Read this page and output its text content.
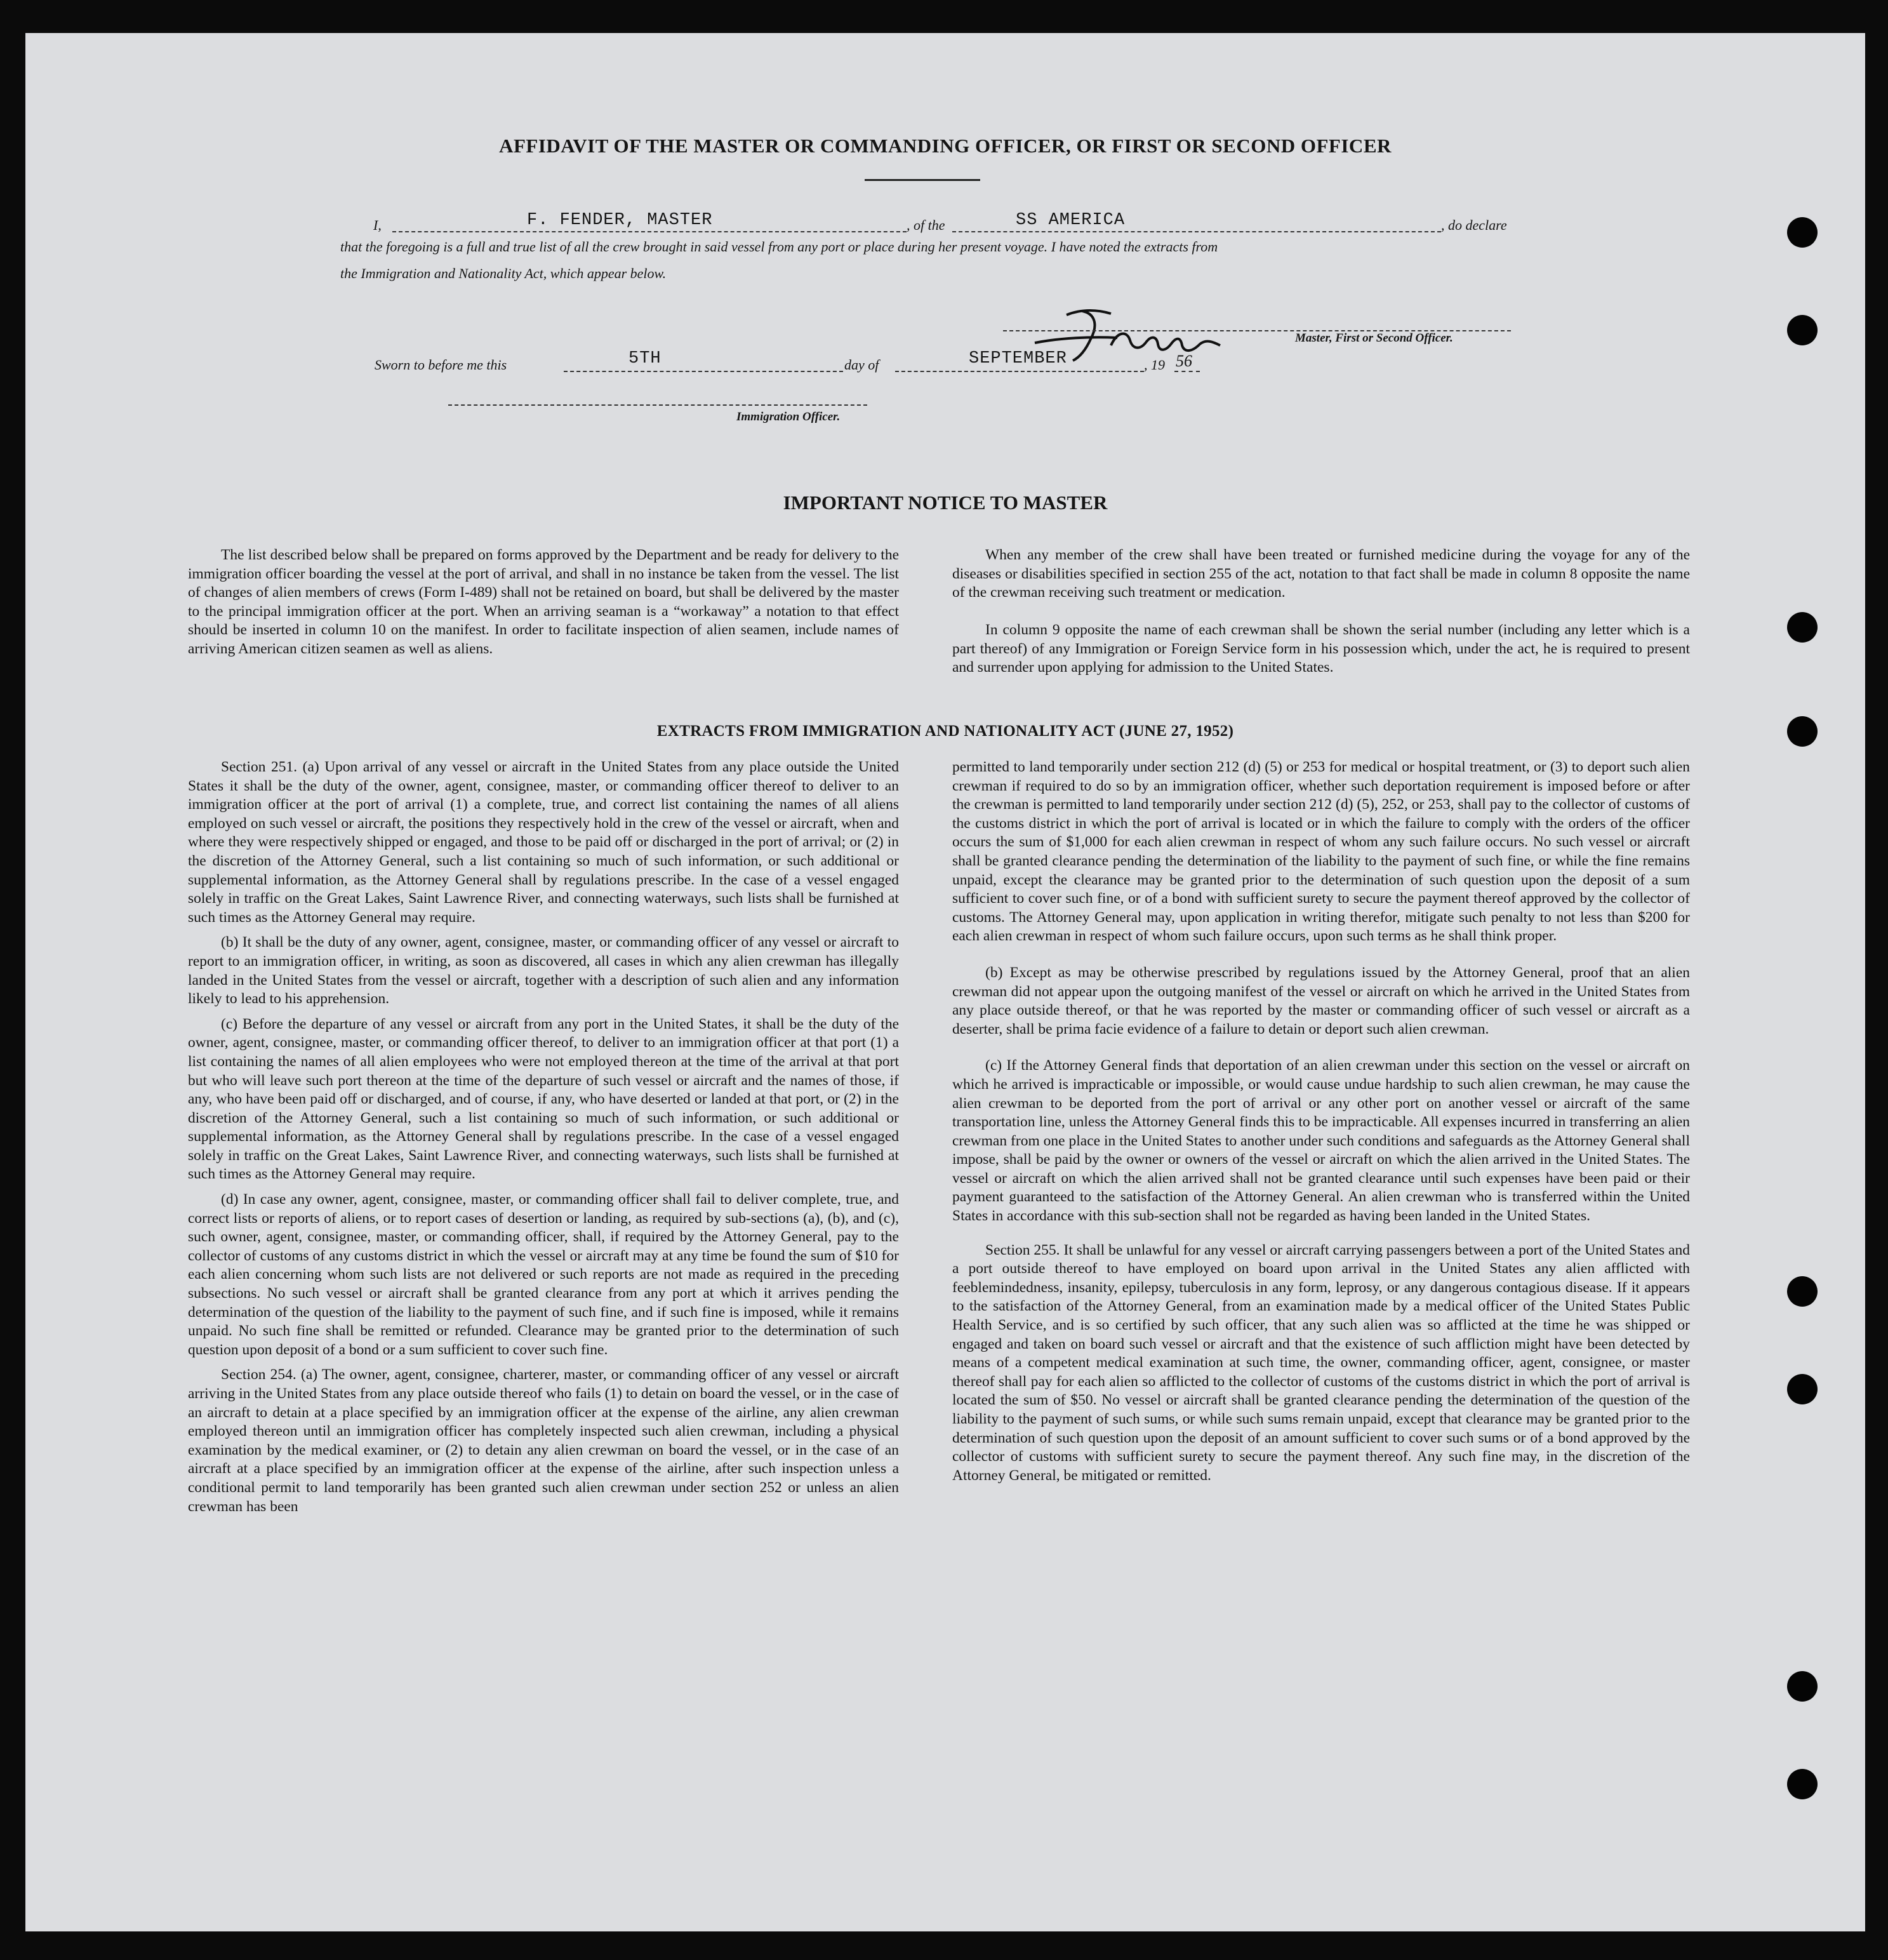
AFFIDAVIT OF THE MASTER OR COMMANDING OFFICER, OR FIRST OR SECOND OFFICER
I,	F. FENDER, MASTER	, of the	SS AMERICA	, do declare
that the foregoing is a full and true list of all the crew brought in said vessel from any port or place during her present voyage. I have noted the extracts from
the Immigration and Nationality Act, which appear below.
Master, First or Second Officer.
Sworn to before me this	5TH	day of	SEPTEMBER	, 19 56
Immigration Officer.
IMPORTANT NOTICE TO MASTER

The list described below shall be prepared on forms approved by the Department and be ready for delivery to the immigration officer boarding the vessel at the port of arrival, and shall in no instance be taken from the vessel. The list of changes of alien members of crews (Form I-489) shall not be retained on board, but shall be delivered by the master to the principal immigration officer at the port. When an arriving seaman is a “workaway” a notation to that effect should be inserted in column 10 on the manifest. In order to facilitate inspection of alien seamen, include names of arriving American citizen seamen as well as aliens.

When any member of the crew shall have been treated or furnished medicine during the voyage for any of the diseases or disabilities specified in section 255 of the act, notation to that fact shall be made in column 8 opposite the name of the crewman receiving such treatment or medication.

In column 9 opposite the name of each crewman shall be shown the serial number (including any letter which is a part thereof) of any Immigration or Foreign Service form in his possession which, under the act, he is required to present and surrender upon applying for admission to the United States.

EXTRACTS FROM IMMIGRATION AND NATIONALITY ACT (JUNE 27, 1952)

Section 251. (a) Upon arrival of any vessel or aircraft in the United States from any place outside the United States it shall be the duty of the owner, agent, consignee, master, or commanding officer thereof to deliver to an immigration officer at the port of arrival (1) a complete, true, and correct list containing the names of all aliens employed on such vessel or aircraft, the positions they respectively hold in the crew of the vessel or aircraft, when and where they were respectively shipped or engaged, and those to be paid off or discharged in the port of arrival; or (2) in the discretion of the Attorney General, such a list containing so much of such information, or such additional or supplemental information, as the Attorney General shall by regulations prescribe. In the case of a vessel engaged solely in traffic on the Great Lakes, Saint Lawrence River, and connecting waterways, such lists shall be furnished at such times as the Attorney General may require.

(b) It shall be the duty of any owner, agent, consignee, master, or commanding officer of any vessel or aircraft to report to an immigration officer, in writing, as soon as discovered, all cases in which any alien crewman has illegally landed in the United States from the vessel or aircraft, together with a description of such alien and any information likely to lead to his apprehension.

(c) Before the departure of any vessel or aircraft from any port in the United States, it shall be the duty of the owner, agent, consignee, master, or commanding officer thereof, to deliver to an immigration officer at that port (1) a list containing the names of all alien employees who were not employed thereon at the time of the arrival at that port but who will leave such port thereon at the time of the departure of such vessel or aircraft and the names of those, if any, who have been paid off or discharged, and of course, if any, who have deserted or landed at that port, or (2) in the discretion of the Attorney General, such a list containing so much of such information, or such additional or supplemental information, as the Attorney General shall by regulations prescribe. In the case of a vessel engaged solely in traffic on the Great Lakes, Saint Lawrence River, and connecting waterways, such lists shall be furnished at such times as the Attorney General may require.

(d) In case any owner, agent, consignee, master, or commanding officer shall fail to deliver complete, true, and correct lists or reports of aliens, or to report cases of desertion or landing, as required by sub-sections (a), (b), and (c), such owner, agent, consignee, master, or commanding officer, shall, if required by the Attorney General, pay to the collector of customs of any customs district in which the vessel or aircraft may at any time be found the sum of $10 for each alien concerning whom such lists are not delivered or such reports are not made as required in the preceding subsections. No such vessel or aircraft shall be granted clearance from any port at which it arrives pending the determination of the question of the liability to the payment of such fine, and if such fine is imposed, while it remains unpaid. No such fine shall be remitted or refunded. Clearance may be granted prior to the determination of such question upon deposit of a bond or a sum sufficient to cover such fine.

Section 254. (a) The owner, agent, consignee, charterer, master, or commanding officer of any vessel or aircraft arriving in the United States from any place outside thereof who fails (1) to detain on board the vessel, or in the case of an aircraft to detain at a place specified by an immigration officer at the expense of the airline, any alien crewman employed thereon until an immigration officer has completely inspected such alien crewman, including a physical examination by the medical examiner, or (2) to detain any alien crewman on board the vessel, or in the case of an aircraft at a place specified by an immigration officer at the expense of the airline, after such inspection unless a conditional permit to land temporarily has been granted such alien crewman under section 252 or unless an alien crewman has been

permitted to land temporarily under section 212 (d) (5) or 253 for medical or hospital treatment, or (3) to deport such alien crewman if required to do so by an immigration officer, whether such deportation requirement is imposed before or after the crewman is permitted to land temporarily under section 212 (d) (5), 252, or 253, shall pay to the collector of customs of the customs district in which the port of arrival is located or in which the failure to comply with the orders of the officer occurs the sum of $1,000 for each alien crewman in respect of whom any such failure occurs. No such vessel or aircraft shall be granted clearance pending the determination of the liability to the payment of such fine, or while the fine remains unpaid, except the clearance may be granted prior to the determination of such question upon the deposit of a sum sufficient to cover such fine, or of a bond with sufficient surety to secure the payment thereof approved by the collector of customs. The Attorney General may, upon application in writing therefor, mitigate such penalty to not less than $200 for each alien crewman in respect of whom such failure occurs, upon such terms as he shall think proper.

(b) Except as may be otherwise prescribed by regulations issued by the Attorney General, proof that an alien crewman did not appear upon the outgoing manifest of the vessel or aircraft on which he arrived in the United States from any place outside thereof, or that he was reported by the master or commanding officer of such vessel or aircraft as a deserter, shall be prima facie evidence of a failure to detain or deport such alien crewman.

(c) If the Attorney General finds that deportation of an alien crewman under this section on the vessel or aircraft on which he arrived is impracticable or impossible, or would cause undue hardship to such alien crewman, he may cause the alien crewman to be deported from the port of arrival or any other port on another vessel or aircraft of the same transportation line, unless the Attorney General finds this to be impracticable. All expenses incurred in transferring an alien crewman from one place in the United States to another under such conditions and safeguards as the Attorney General shall impose, shall be paid by the owner or owners of the vessel or aircraft on which the alien arrived in the United States. The vessel or aircraft on which the alien arrived shall not be granted clearance until such expenses have been paid or their payment guaranteed to the satisfaction of the Attorney General. An alien crewman who is transferred within the United States in accordance with this sub-section shall not be regarded as having been landed in the United States.

Section 255. It shall be unlawful for any vessel or aircraft carrying passengers between a port of the United States and a port outside thereof to have employed on board upon arrival in the United States any alien afflicted with feeblemindedness, insanity, epilepsy, tuberculosis in any form, leprosy, or any dangerous contagious disease. If it appears to the satisfaction of the Attorney General, from an examination made by a medical officer of the United States Public Health Service, and is so certified by such officer, that any such alien was so afflicted at the time he was shipped or engaged and taken on board such vessel or aircraft and that the existence of such affliction might have been detected by means of a competent medical examination at such time, the owner, commanding officer, agent, consignee, or master thereof shall pay for each alien so afflicted to the collector of customs of the customs district in which the port of arrival is located the sum of $50. No vessel or aircraft shall be granted clearance pending the determination of the question of the liability to the payment of such sums, or while such sums remain unpaid, except that clearance may be granted prior to the determination of such question upon the deposit of an amount sufficient to cover such sums or of a bond approved by the collector of customs with sufficient surety to secure the payment thereof. Any such fine may, in the discretion of the Attorney General, be mitigated or remitted.
